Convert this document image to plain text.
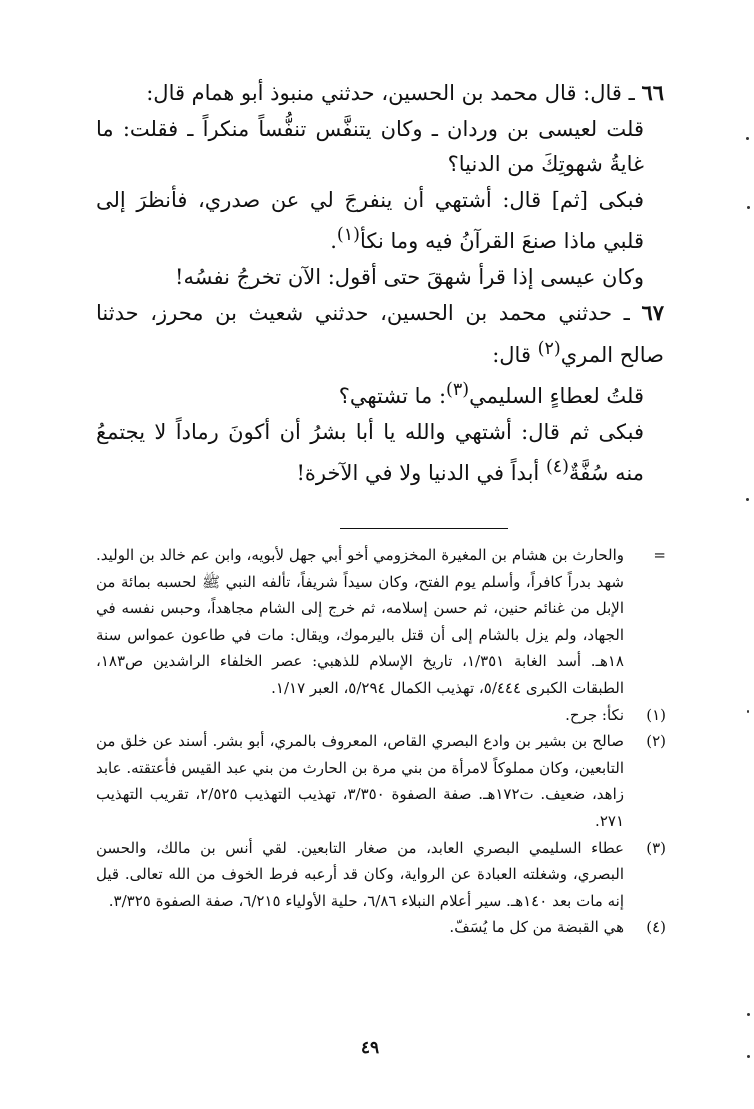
٦٦ ـ قال: قال محمد بن الحسين، حدثني منبوذ أبو همام قال:

قلت لعيسى بن وردان ـ وكان يتنفَّس تنفُّساً منكراً ـ فقلت: ما غايةُ شهوتِكَ من الدنيا؟

فبكى [ثم] قال: أشتهي أن ينفرجَ لي عن صدري، فأنظرَ إلى قلبي ماذا صنعَ القرآنُ فيه وما نكأ$^{(١)}$.

وكان عيسى إذا قرأ شهقَ حتى أقول: الآن تخرجُ نفسُه!

٦٧ ـ حدثني محمد بن الحسين، حدثني شعيث بن محرز، حدثنا صالح المري$^{(٢)}$ قال:

قلتُ لعطاءٍ السليمي$^{(٣)}$: ما تشتهي؟

فبكى ثم قال: أشتهي والله يا أبا بشرُ أن أكونَ رماداً لا يجتمعُ منه سُفَّةٌ$^{(٤)}$ أبداً في الدنيا ولا في الآخرة!

=
والحارث بن هشام بن المغيرة المخزومي أخو أبي جهل لأبويه، وابن عم خالد بن الوليد. شهد بدراً كافراً، وأسلم يوم الفتح، وكان سيداً شريفاً، تألفه النبي ﷺ لحسبه بمائة من الإبل من غنائم حنين، ثم حسن إسلامه، ثم خرج إلى الشام مجاهداً، وحبس نفسه في الجهاد، ولم يزل بالشام إلى أن قتل باليرموك، ويقال: مات في طاعون عمواس سنة ١٨هـ. أسد الغابة ١/٣٥١، تاريخ الإسلام للذهبي: عصر الخلفاء الراشدين ص١٨٣، الطبقات الكبرى ٥/٤٤٤، تهذيب الكمال ٥/٢٩٤، العبر ١/١٧.

(١)
نكأ: جرح.

(٢)
صالح بن بشير بن وادع البصري القاص، المعروف بالمري، أبو بشر. أسند عن خلق من التابعين، وكان مملوكاً لامرأة من بني مرة بن الحارث من بني عبد القيس فأعتقته. عابد زاهد، ضعيف. ت١٧٢هـ. صفة الصفوة ٣/٣٥٠، تهذيب التهذيب ٢/٥٢٥، تقريب التهذيب ٢٧١.

(٣)
عطاء السليمي البصري العابد، من صغار التابعين. لقي أنس بن مالك، والحسن البصري، وشغلته العبادة عن الرواية، وكان قد أرعبه فرط الخوف من الله تعالى. قيل إنه مات بعد ١٤٠هـ. سير أعلام النبلاء ٦/٨٦، حلية الأولياء ٦/٢١٥، صفة الصفوة ٣/٣٢٥.

(٤)
هي القبضة من كل ما يُسَفّ.

٤٩
